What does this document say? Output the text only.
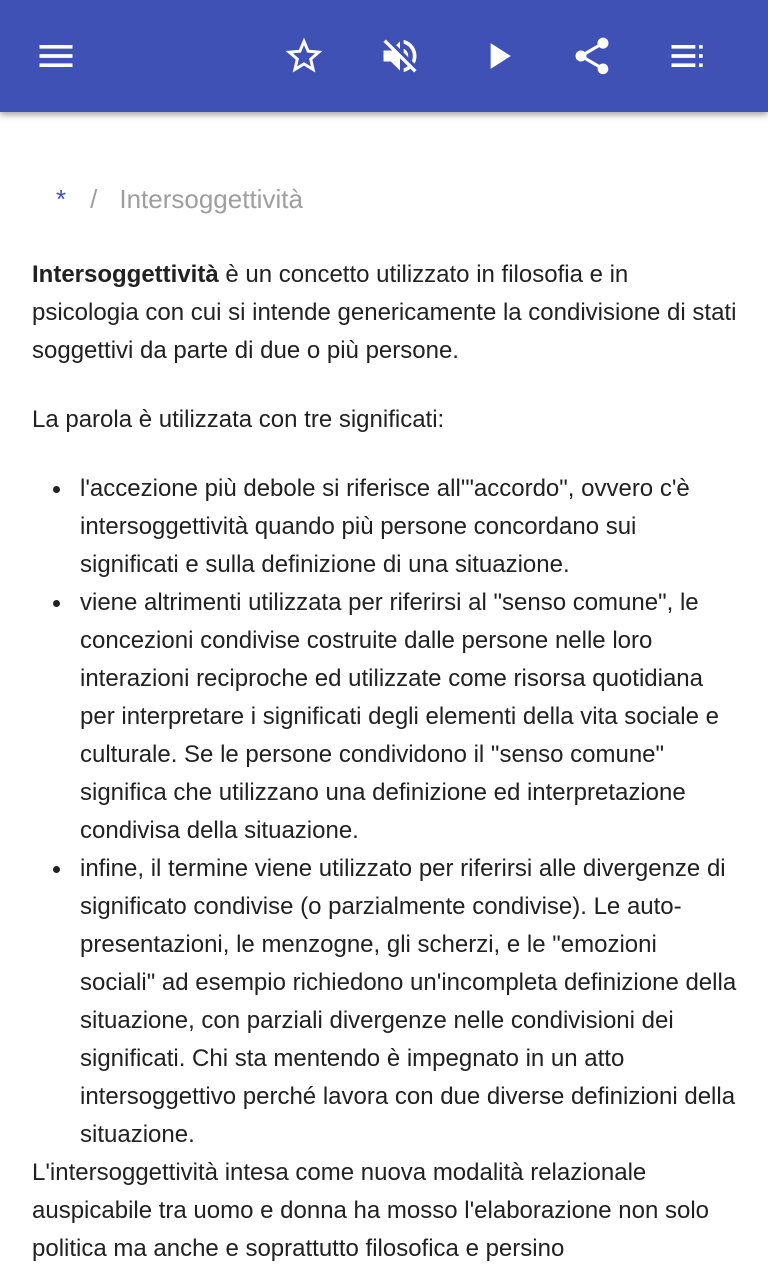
* / Intersoggettività

Intersoggettività è un concetto utilizzato in filosofia e in psicologia con cui si intende genericamente la condivisione di stati soggettivi da parte di due o più persone.

La parola è utilizzata con tre significati:

l'accezione più debole si riferisce all'"accordo", ovvero c'è intersoggettività quando più persone concordano sui significati e sulla definizione di una situazione.
viene altrimenti utilizzata per riferirsi al "senso comune", le concezioni condivise costruite dalle persone nelle loro interazioni reciproche ed utilizzate come risorsa quotidiana per interpretare i significati degli elementi della vita sociale e culturale. Se le persone condividono il "senso comune" significa che utilizzano una definizione ed interpretazione condivisa della situazione.
infine, il termine viene utilizzato per riferirsi alle divergenze di significato condivise (o parzialmente condivise). Le auto-presentazioni, le menzogne, gli scherzi, e le "emozioni sociali" ad esempio richiedono un'incompleta definizione della situazione, con parziali divergenze nelle condivisioni dei significati. Chi sta mentendo è impegnato in un atto intersoggettivo perché lavora con due diverse definizioni della situazione.

L'intersoggettività intesa come nuova modalità relazionale auspicabile tra uomo e donna ha mosso l'elaborazione non solo politica ma anche e soprattutto filosofica e persino
